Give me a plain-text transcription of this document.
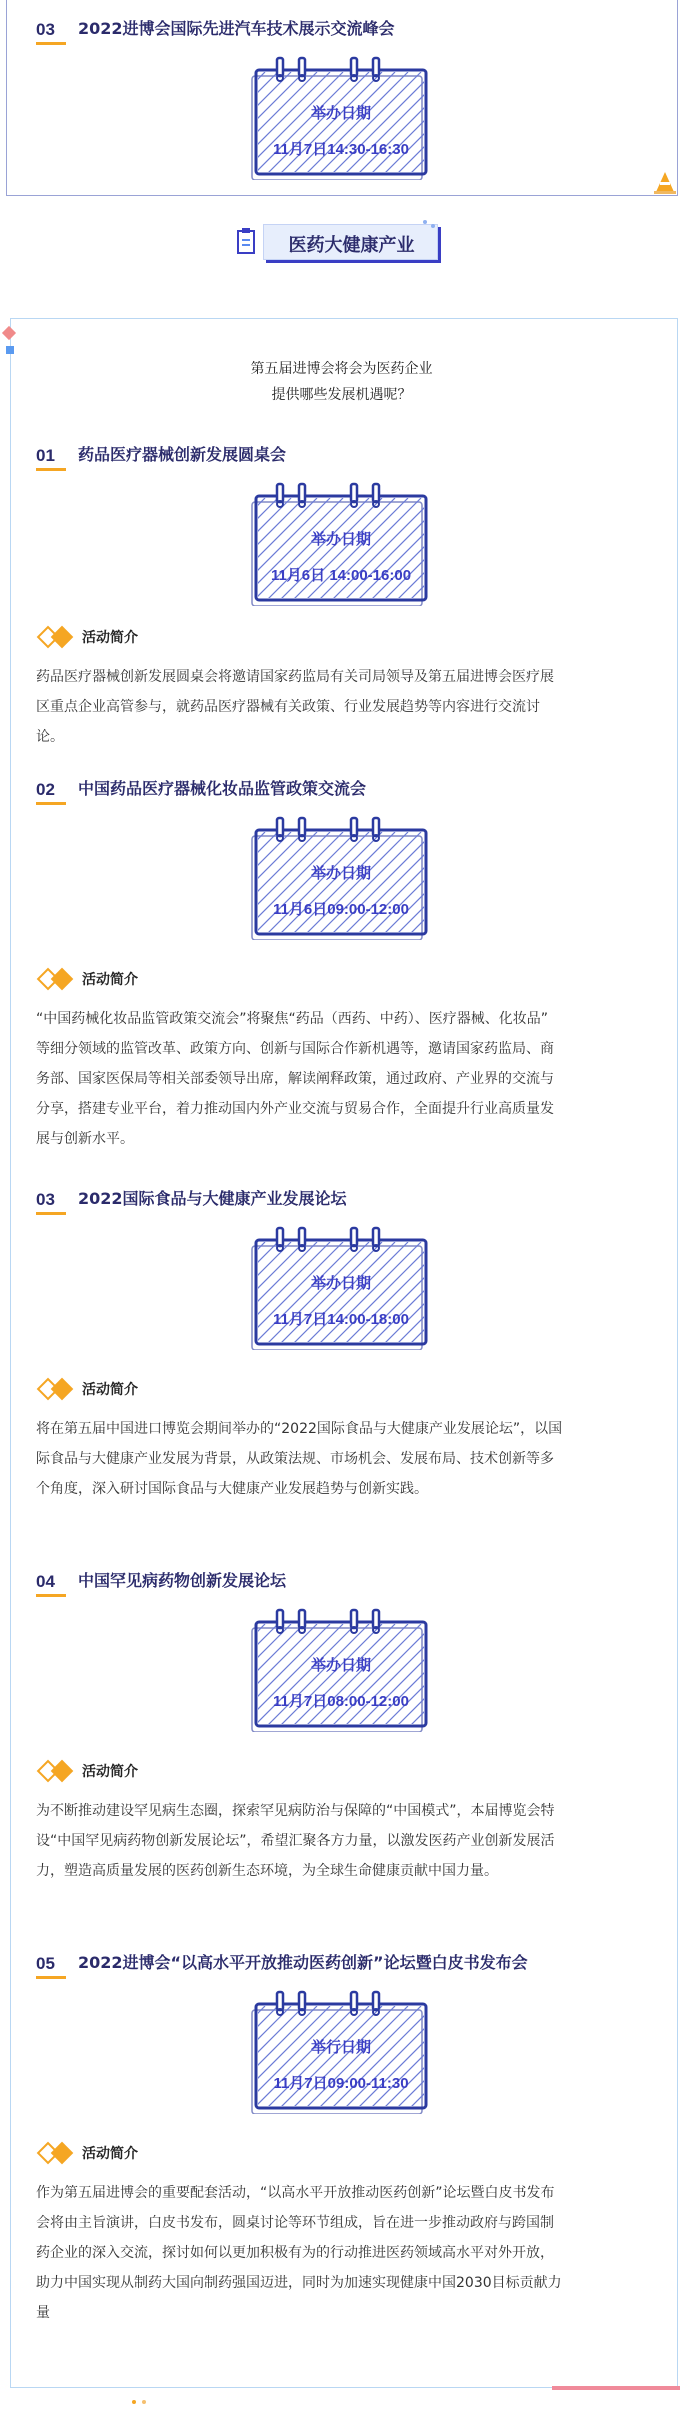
03	2022进博会国际先进汽车技术展示交流峰会
举办日期
11月7日14:30-16:30
医药大健康产业
第五届进博会将会为医药企业
提供哪些发展机遇呢？
01	药品医疗器械创新发展圆桌会
举办日期
11月6日 14:00-16:00
活动简介
药品医疗器械创新发展圆桌会将邀请国家药监局有关司局领导及第五届进博会医疗展
区重点企业高管参与，就药品医疗器械有关政策、行业发展趋势等内容进行交流讨
论。
02	中国药品医疗器械化妆品监管政策交流会
举办日期
11月6日09:00-12:00
活动简介
“中国药械化妆品监管政策交流会”将聚焦“药品（西药、中药）、医疗器械、化妆品”
等细分领域的监管改革、政策方向、创新与国际合作新机遇等，邀请国家药监局、商
务部、国家医保局等相关部委领导出席，解读阐释政策，通过政府、产业界的交流与
分享，搭建专业平台，着力推动国内外产业交流与贸易合作，全面提升行业高质量发
展与创新水平。
03	2022国际食品与大健康产业发展论坛
举办日期
11月7日14:00-18:00
活动简介
将在第五届中国进口博览会期间举办的“2022国际食品与大健康产业发展论坛”，以国
际食品与大健康产业发展为背景，从政策法规、市场机会、发展布局、技术创新等多
个角度，深入研讨国际食品与大健康产业发展趋势与创新实践。
04	中国罕见病药物创新发展论坛
举办日期
11月7日08:00-12:00
活动简介
为不断推动建设罕见病生态圈，探索罕见病防治与保障的“中国模式”，本届博览会特
设“中国罕见病药物创新发展论坛”，希望汇聚各方力量，以激发医药产业创新发展活
力，塑造高质量发展的医药创新生态环境，为全球生命健康贡献中国力量。
05	2022进博会“以高水平开放推动医药创新”论坛暨白皮书发布会
举行日期
11月7日09:00-11:30
活动简介
作为第五届进博会的重要配套活动，“以高水平开放推动医药创新”论坛暨白皮书发布
会将由主旨演讲，白皮书发布，圆桌讨论等环节组成，旨在进一步推动政府与跨国制
药企业的深入交流，探讨如何以更加积极有为的行动推进医药领域高水平对外开放，
助力中国实现从制药大国向制药强国迈进，同时为加速实现健康中国2030目标贡献力
量
